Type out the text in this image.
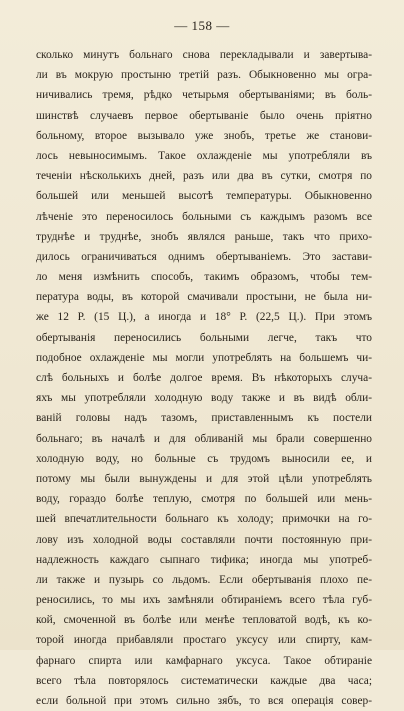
— 158 —
сколько минутъ больнаго снова перекладывали и завертыва-
ли въ мокрую простыню третій разъ. Обыкновенно мы огра-
ничивались тремя, рѣдко четырьмя обертываніями; въ боль-
шинствѣ случаевъ первое обертываніе было очень пріятно
больному, второе вызывало уже знобъ, третье же станови-
лось невыносимымъ. Такое охлажденіе мы употребляли въ
теченіи нѣсколькихъ дней, разъ или два въ сутки, смотря по
большей или меньшей высотѣ температуры. Обыкновенно
лѣченіе это переносилось больными съ каждымъ разомъ все
труднѣе и труднѣе, знобъ являлся раньше, такъ что прихо-
дилось ограничиваться однимъ обертываніемъ. Это застави-
ло меня измѣнить способъ, такимъ образомъ, чтобы тем-
пература воды, въ которой смачивали простыни, не была ни-
же 12 Р. (15 Ц.), а иногда и 18° Р. (22,5 Ц.). При этомъ
обертыванія переносились больными легче, такъ что
подобное охлажденіе мы могли употреблять на большемъ чи-
слѣ больныхъ и болѣе долгое время. Въ нѣкоторыхъ случа-
яхъ мы употребляли холодную воду также и въ видѣ обли-
ваній головы надъ тазомъ, приставленнымъ къ постели
больнаго; въ началѣ и для обливаній мы брали совершенно
холодную воду, но больные съ трудомъ выносили ее, и
потому мы были вынуждены и для этой цѣли употреблять
воду, гораздо болѣе теплую, смотря по большей или мень-
шей впечатлительности больнаго къ холоду; примочки на го-
лову изъ холодной воды составляли почти постоянную при-
надлежность каждаго сыпнаго тифика; иногда мы употреб-
ли также и пузырь со льдомъ. Если обертыванія плохо пе-
реносились, то мы ихъ замѣняли обтираніемъ всего тѣла губ-
кой, смоченной въ болѣе или менѣе тепловатой водѣ, къ ко-
торой иногда прибавляли простаго уксусу или спирту, кам-
фарнаго спирта или камфарнаго уксуса. Такое обтираніе
всего тѣла повторялось систематически каждые два часа;
если больной при этомъ сильно зябъ, то вся операція совер-
